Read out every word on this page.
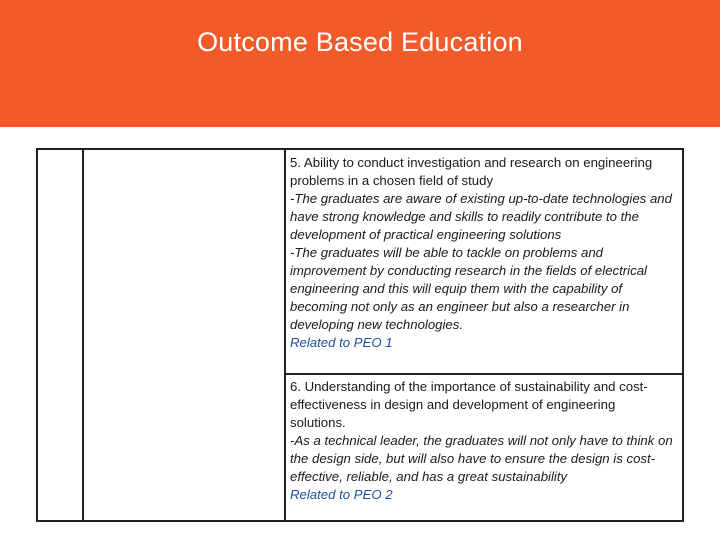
Outcome Based Education

5. Ability to conduct investigation and research on engineering problems in a chosen field of study

-The graduates are aware of existing up-to-date technologies and have strong knowledge and skills to readily contribute to the development of practical engineering solutions

-The graduates will be able to tackle on problems and improvement by conducting research in the fields of electrical engineering and this will equip them with the capability of becoming not only as an engineer but also a researcher in developing new technologies.

Related to PEO 1

6. Understanding of the importance of sustainability and cost-effectiveness in design and development of engineering solutions.

-As a technical leader, the graduates will not only have to think on the design side, but will also have to ensure the design is cost-effective, reliable, and has a great sustainability

Related to PEO 2
